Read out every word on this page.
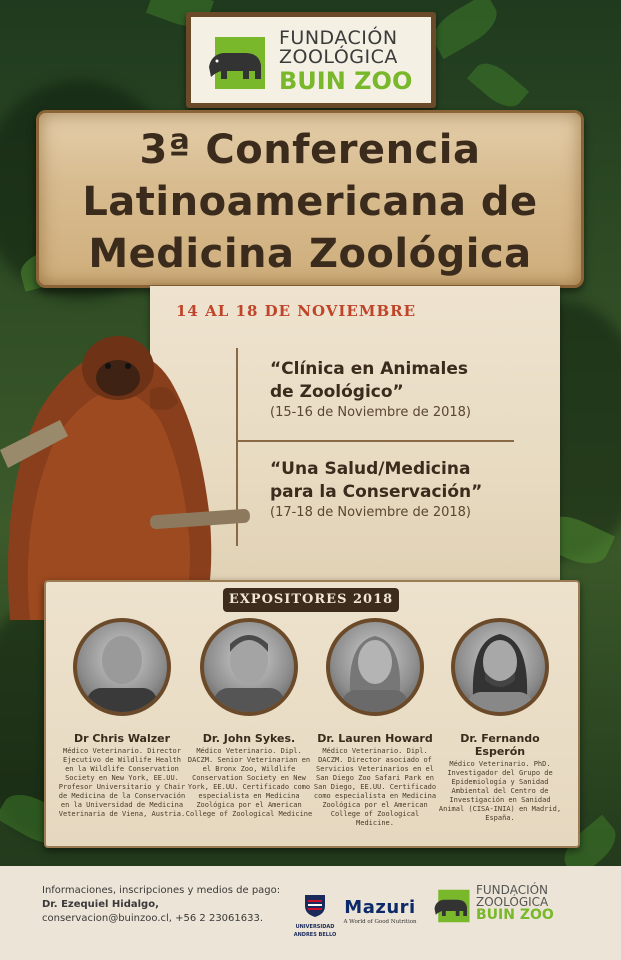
FUNDACIÓN
ZOOLÓGICA
BUIN ZOO
3ª Conferencia
Latinoamericana de
Medicina Zoológica
14 AL 18 DE NOVIEMBRE
“Clínica en Animales
de Zoológico”
(15-16 de Noviembre de 2018)
“Una Salud/Medicina
para la Conservación”
(17-18 de Noviembre de 2018)
EXPOSITORES 2018
Dr Chris Walzer
Médico Veterinario. Director Ejecutivo de Wildlife Health en la Wildlife Conservation Society en New York, EE.UU. Profesor Universitario y Chair de Medicina de la Conservación en la Universidad de Medicina Veterinaria de Viena, Austria.
Dr. John Sykes.
Médico Veterinario. Dipl. DACZM. Senior Veterinarian en el Bronx Zoo, Wildlife Conservation Society en New York, EE.UU. Certificado como especialista en Medicina Zoológica por el American College of Zoological Medicine
Dr. Lauren Howard
Médico Veterinario. Dipl. DACZM. Director asociado of Servicios Veterinarios en el San Diego Zoo Safari Park en San Diego, EE.UU. Certificado como especialista en Medicina Zoológica por el American College of Zoological Medicine.
Dr. Fernando
Esperón
Médico Veterinario. PhD. Investigador del Grupo de Epidemiología y Sanidad Ambiental del Centro de Investigación en Sanidad Animal (CISA-INIA) en Madrid, España.
Informaciones, inscripciones y medios de pago:
Dr. Ezequiel Hidalgo,
conservacion@buinzoo.cl, +56 2 23061633.
UNIVERSIDAD
ANDRES BELLO
Mazuri
A World of Good Nutrition
FUNDACIÓN
ZOOLÓGICA
BUIN ZOO
